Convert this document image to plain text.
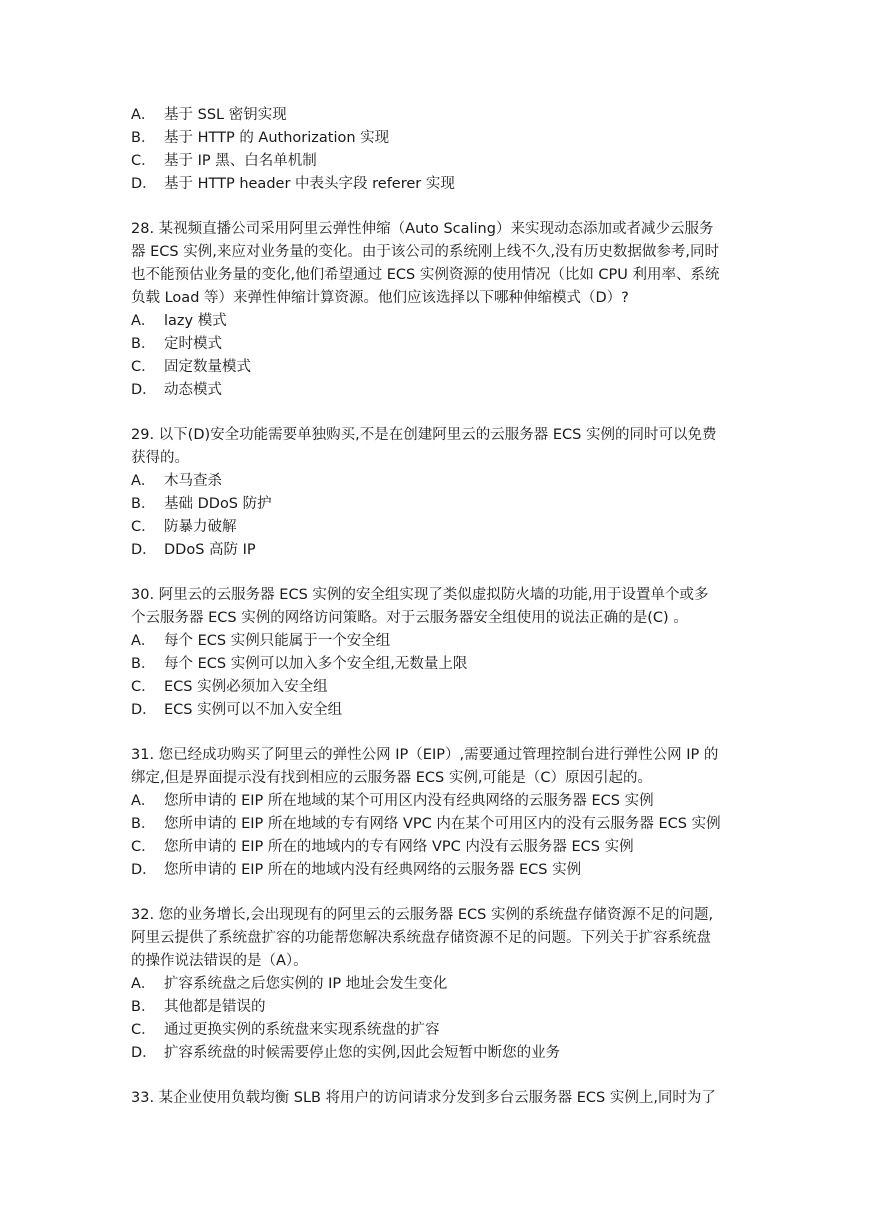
A． 基于 SSL 密钥实现
B． 基于 HTTP 的 Authorization 实现
C． 基于 IP 黑、白名单机制
D． 基于 HTTP header 中表头字段 referer 实现
28. 某视频直播公司采用阿里云弹性伸缩（Auto Scaling）来实现动态添加或者减少云服务
器 ECS 实例,来应对业务量的变化。由于该公司的系统刚上线不久,没有历史数据做参考,同时
也不能预估业务量的变化,他们希望通过 ECS 实例资源的使用情况（比如 CPU 利用率、系统
负载 Load 等）来弹性伸缩计算资源。他们应该选择以下哪种伸缩模式（D）?
A． lazy 模式
B． 定时模式
C． 固定数量模式
D． 动态模式
29. 以下(D)安全功能需要单独购买,不是在创建阿里云的云服务器 ECS 实例的同时可以免费
获得的。
A． 木马查杀
B． 基础 DDoS 防护
C． 防暴力破解
D． DDoS 高防 IP
30. 阿里云的云服务器 ECS 实例的安全组实现了类似虚拟防火墙的功能,用于设置单个或多
个云服务器 ECS 实例的网络访问策略。对于云服务器安全组使用的说法正确的是(C) 。
A． 每个 ECS 实例只能属于一个安全组
B． 每个 ECS 实例可以加入多个安全组,无数量上限
C． ECS 实例必须加入安全组
D． ECS 实例可以不加入安全组
31. 您已经成功购买了阿里云的弹性公网 IP（EIP）,需要通过管理控制台进行弹性公网 IP 的
绑定,但是界面提示没有找到相应的云服务器 ECS 实例,可能是（C）原因引起的。
A． 您所申请的 EIP 所在地域的某个可用区内没有经典网络的云服务器 ECS 实例
B． 您所申请的 EIP 所在地域的专有网络 VPC 内在某个可用区内的没有云服务器 ECS 实例
C． 您所申请的 EIP 所在的地域内的专有网络 VPC 内没有云服务器 ECS 实例
D． 您所申请的 EIP 所在的地域内没有经典网络的云服务器 ECS 实例
32. 您的业务增长,会出现现有的阿里云的云服务器 ECS 实例的系统盘存储资源不足的问题,
阿里云提供了系统盘扩容的功能帮您解决系统盘存储资源不足的问题。下列关于扩容系统盘
的操作说法错误的是（A）。
A． 扩容系统盘之后您实例的 IP 地址会发生变化
B． 其他都是错误的
C． 通过更换实例的系统盘来实现系统盘的扩容
D． 扩容系统盘的时候需要停止您的实例,因此会短暂中断您的业务
33. 某企业使用负载均衡 SLB 将用户的访问请求分发到多台云服务器 ECS 实例上,同时为了
